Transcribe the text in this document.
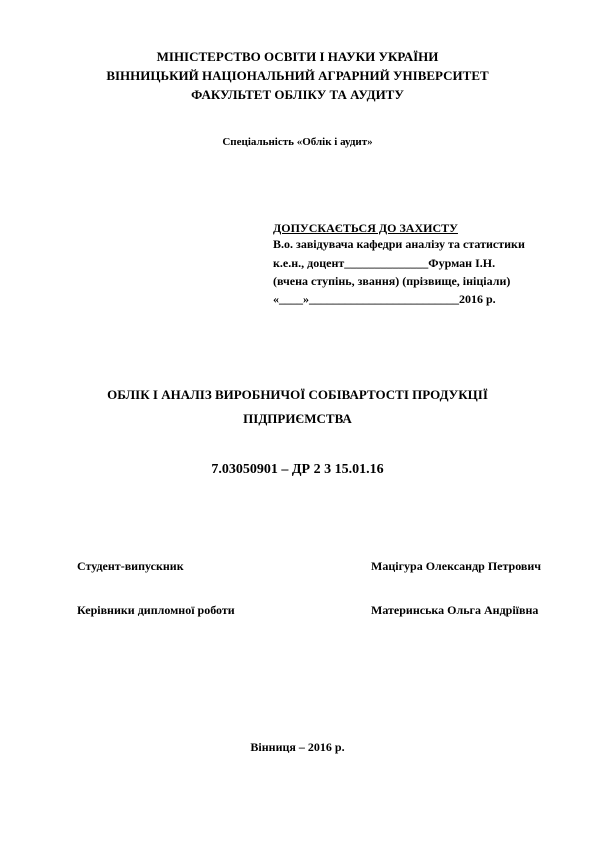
МІНІСТЕРСТВО ОСВІТИ І НАУКИ УКРАЇНИ
ВІННИЦЬКИЙ НАЦІОНАЛЬНИЙ АГРАРНИЙ УНІВЕРСИТЕТ
ФАКУЛЬТЕТ ОБЛІКУ ТА АУДИТУ
Спеціальність «Облік і аудит»
ДОПУСКАЄТЬСЯ ДО ЗАХИСТУ
В.о. завідувача кафедри аналізу та статистики
к.е.н., доцент______________Фурман І.Н.
(вчена ступінь, звання) (прізвище, ініціали)
«____»_________________________2016 р.
ОБЛІК І АНАЛІЗ ВИРОБНИЧОЇ СОБІВАРТОСТІ ПРОДУКЦІЇ
ПІДПРИЄМСТВА
7.03050901 – ДР 2 3 15.01.16
Студент-випускник	Мацігура Олександр Петрович
Керівники дипломної роботи	Материнська Ольга Андріївна
Вінниця – 2016 р.
